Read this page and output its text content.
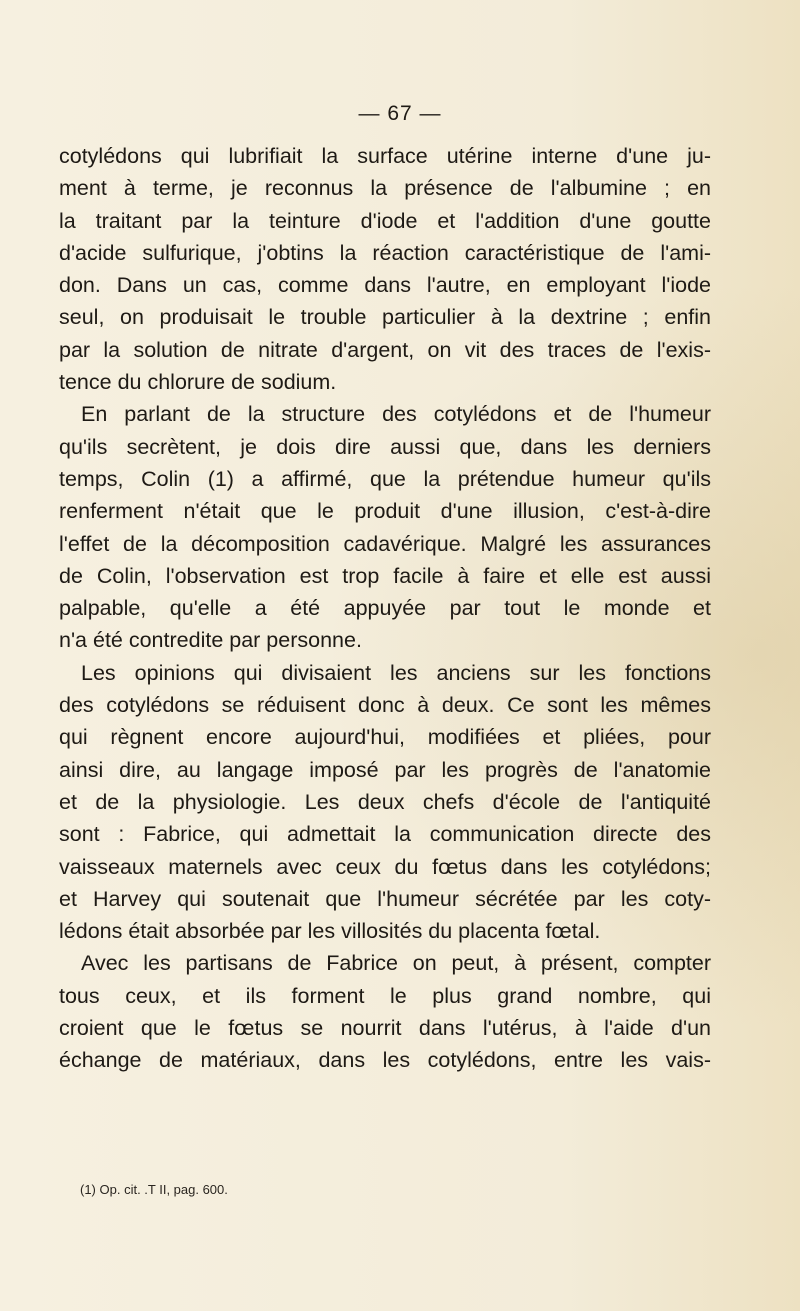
— 67 —
cotylédons qui lubrifiait la surface utérine interne d'une ju-
ment à terme, je reconnus la présence de l'albumine ; en
la traitant par la teinture d'iode et l'addition d'une goutte
d'acide sulfurique, j'obtins la réaction caractéristique de l'ami-
don. Dans un cas, comme dans l'autre, en employant l'iode
seul, on produisait le trouble particulier à la dextrine ; enfin
par la solution de nitrate d'argent, on vit des traces de l'exis-
tence du chlorure de sodium.
En parlant de la structure des cotylédons et de l'humeur
qu'ils secrètent, je dois dire aussi que, dans les derniers
temps, Colin (1) a affirmé, que la prétendue humeur qu'ils
renferment n'était que le produit d'une illusion, c'est-à-dire
l'effet de la décomposition cadavérique. Malgré les assurances
de Colin, l'observation est trop facile à faire et elle est aussi
palpable, qu'elle a été appuyée par tout le monde et
n'a été contredite par personne.
Les opinions qui divisaient les anciens sur les fonctions
des cotylédons se réduisent donc à deux. Ce sont les mêmes
qui règnent encore aujourd'hui, modifiées et pliées, pour
ainsi dire, au langage imposé par les progrès de l'anatomie
et de la physiologie. Les deux chefs d'école de l'antiquité
sont : Fabrice, qui admettait la communication directe des
vaisseaux maternels avec ceux du fœtus dans les cotylédons;
et Harvey qui soutenait que l'humeur sécrétée par les coty-
lédons était absorbée par les villosités du placenta fœtal.
Avec les partisans de Fabrice on peut, à présent, compter
tous ceux, et ils forment le plus grand nombre, qui
croient que le fœtus se nourrit dans l'utérus, à l'aide d'un
échange de matériaux, dans les cotylédons, entre les vais-
(1) Op. cit. .T II, pag. 600.
